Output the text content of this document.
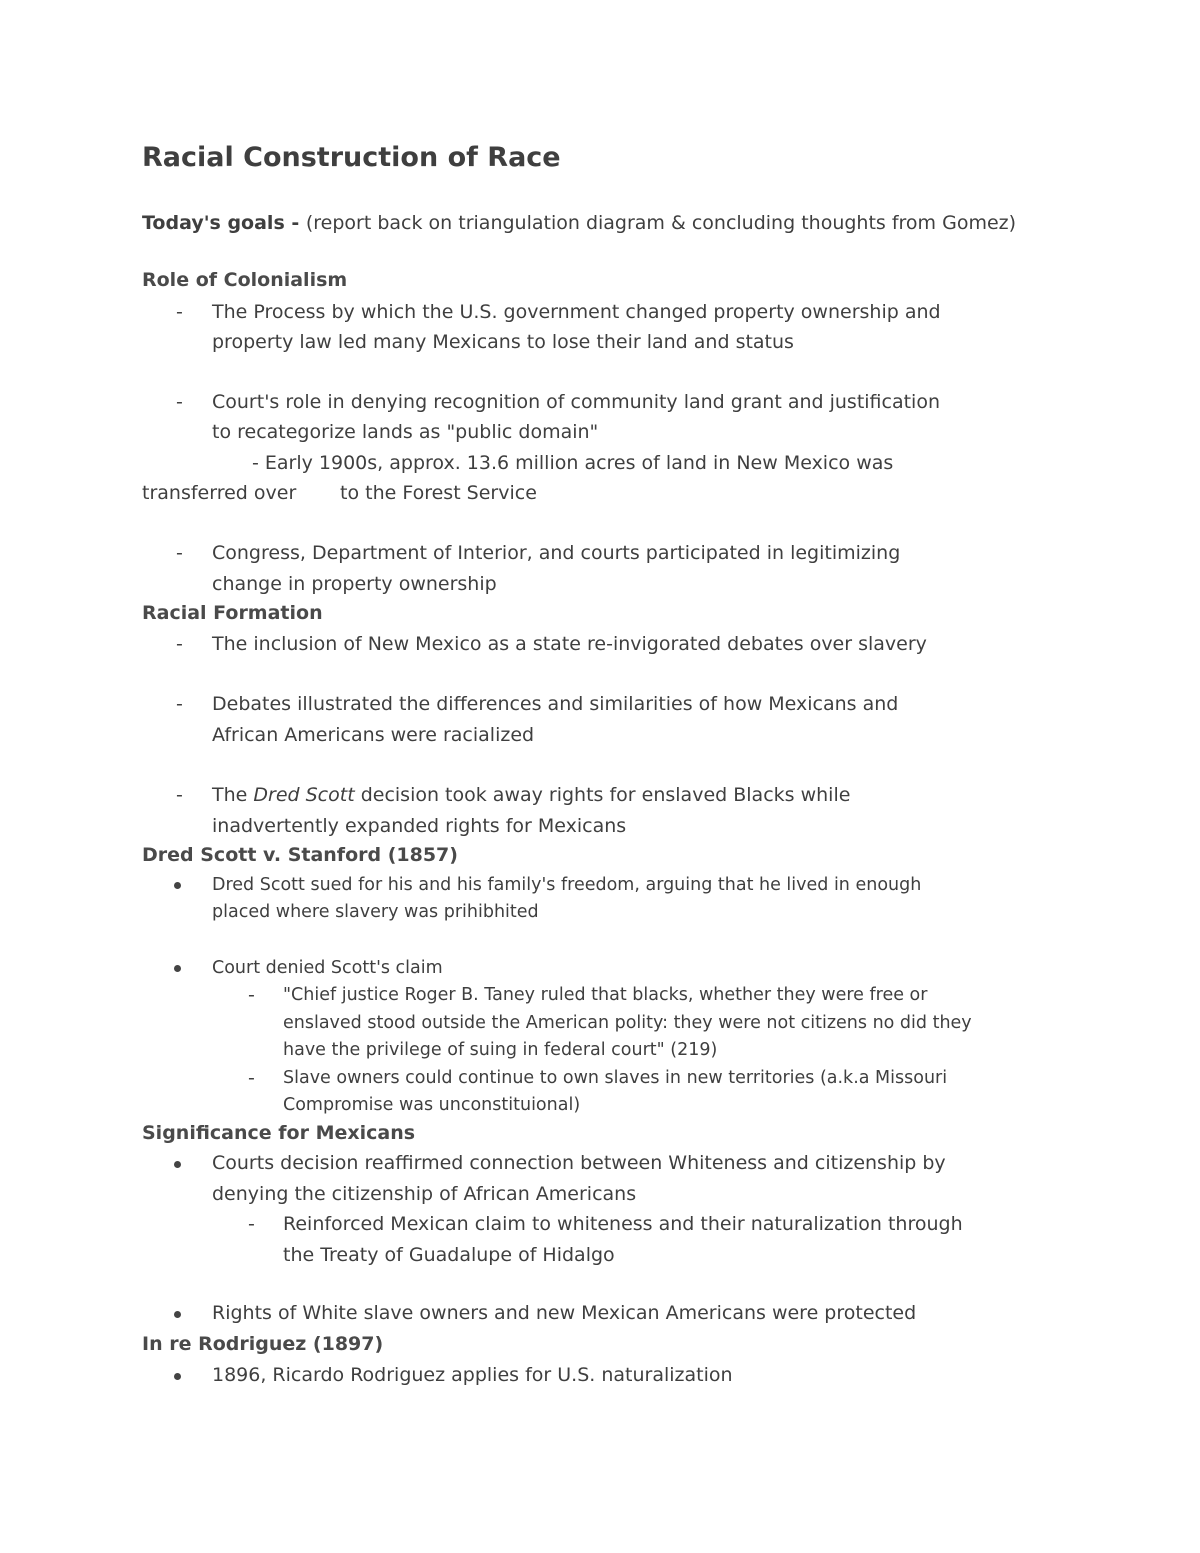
Racial Construction of Race
Today's goals - (report back on triangulation diagram & concluding thoughts from Gomez)
Role of Colonialism
- The Process by which the U.S. government changed property ownership and
property law led many Mexicans to lose their land and status
- Court's role in denying recognition of community land grant and justification
to recategorize lands as "public domain"
- Early 1900s, approx. 13.6 million acres of land in New Mexico was
transferred over to the Forest Service
- Congress, Department of Interior, and courts participated in legitimizing
change in property ownership
Racial Formation
- The inclusion of New Mexico as a state re-invigorated debates over slavery
- Debates illustrated the differences and similarities of how Mexicans and
African Americans were racialized
- The Dred Scott decision took away rights for enslaved Blacks while
inadvertently expanded rights for Mexicans
Dred Scott v. Stanford (1857)
Dred Scott sued for his and his family's freedom, arguing that he lived in enough
placed where slavery was prihibhited
Court denied Scott's claim
- "Chief justice Roger B. Taney ruled that blacks, whether they were free or
enslaved stood outside the American polity: they were not citizens no did they
have the privilege of suing in federal court" (219)
- Slave owners could continue to own slaves in new territories (a.k.a Missouri
Compromise was unconstituional)
Significance for Mexicans
Courts decision reaffirmed connection between Whiteness and citizenship by
denying the citizenship of African Americans
- Reinforced Mexican claim to whiteness and their naturalization through
the Treaty of Guadalupe of Hidalgo
Rights of White slave owners and new Mexican Americans were protected
In re Rodriguez (1897)
1896, Ricardo Rodriguez applies for U.S. naturalization
